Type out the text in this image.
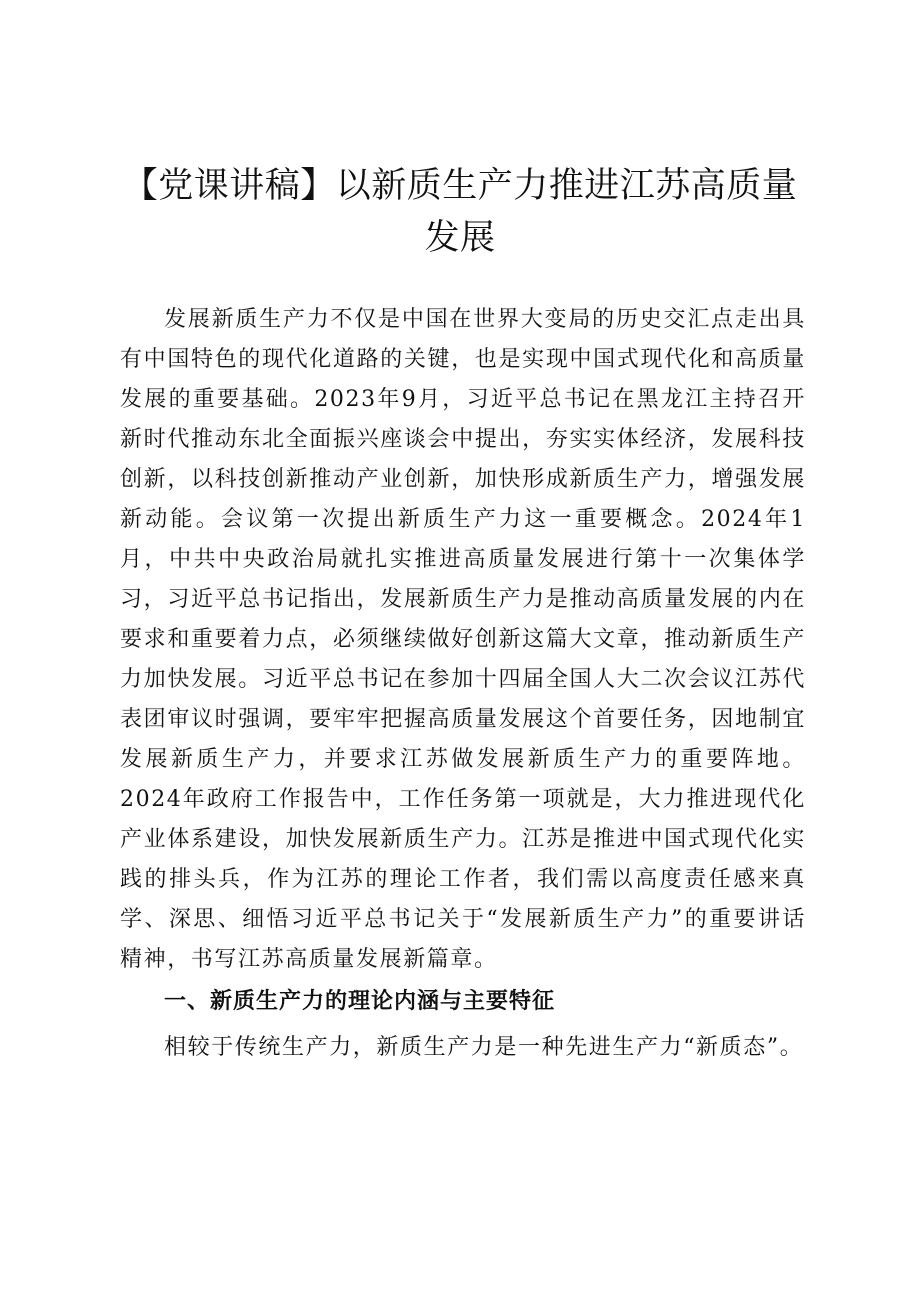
【党课讲稿】以新质生产力推进江苏高质量发展

发展新质生产力不仅是中国在世界大变局的历史交汇点走出具有中国特色的现代化道路的关键，也是实现中国式现代化和高质量发展的重要基础。2023年9月，习近平总书记在黑龙江主持召开新时代推动东北全面振兴座谈会中提出，夯实实体经济，发展科技创新，以科技创新推动产业创新，加快形成新质生产力，增强发展新动能。会议第一次提出新质生产力这一重要概念。2024年1月，中共中央政治局就扎实推进高质量发展进行第十一次集体学习，习近平总书记指出，发展新质生产力是推动高质量发展的内在要求和重要着力点，必须继续做好创新这篇大文章，推动新质生产力加快发展。习近平总书记在参加十四届全国人大二次会议江苏代表团审议时强调，要牢牢把握高质量发展这个首要任务，因地制宜发展新质生产力，并要求江苏做发展新质生产力的重要阵地。2024年政府工作报告中，工作任务第一项就是，大力推进现代化产业体系建设，加快发展新质生产力。江苏是推进中国式现代化实践的排头兵，作为江苏的理论工作者，我们需以高度责任感来真学、深思、细悟习近平总书记关于“发展新质生产力”的重要讲话精神，书写江苏高质量发展新篇章。

一、新质生产力的理论内涵与主要特征

相较于传统生产力，新质生产力是一种先进生产力“新质态”。
